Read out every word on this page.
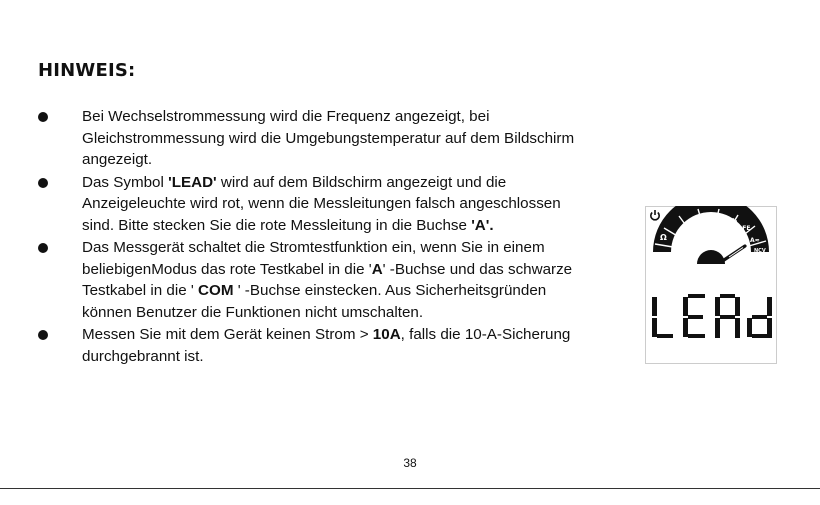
HINWEIS:
Bei Wechselstrommessung wird die Frequenz angezeigt, bei
Gleichstrommessung wird die Umgebungstemperatur auf dem Bildschirm
angezeigt.
Das Symbol 'LEAD' wird auf dem Bildschirm angezeigt und die
Anzeigeleuchte wird rot, wenn die Messleitungen falsch angeschlossen
sind. Bitte stecken Sie die rote Messleitung in die Buchse 'A'.
Das Messgerät schaltet die Stromtestfunktion ein, wenn Sie in einem
beliebigenModus das rote Testkabel in die 'A' -Buchse und das schwarze
Testkabel in die ' COM ' -Buchse einstecken. Aus Sicherheitsgründen
können Benutzer die Funktionen nicht umschalten.
Messen Sie mit dem Gerät keinen Strom > 10A, falls die 10-A-Sicherung
durchgebrannt ist.
·)))
V≂
Ω
Hz%
hFE
A≂
NCV
Live
LEAd
38
